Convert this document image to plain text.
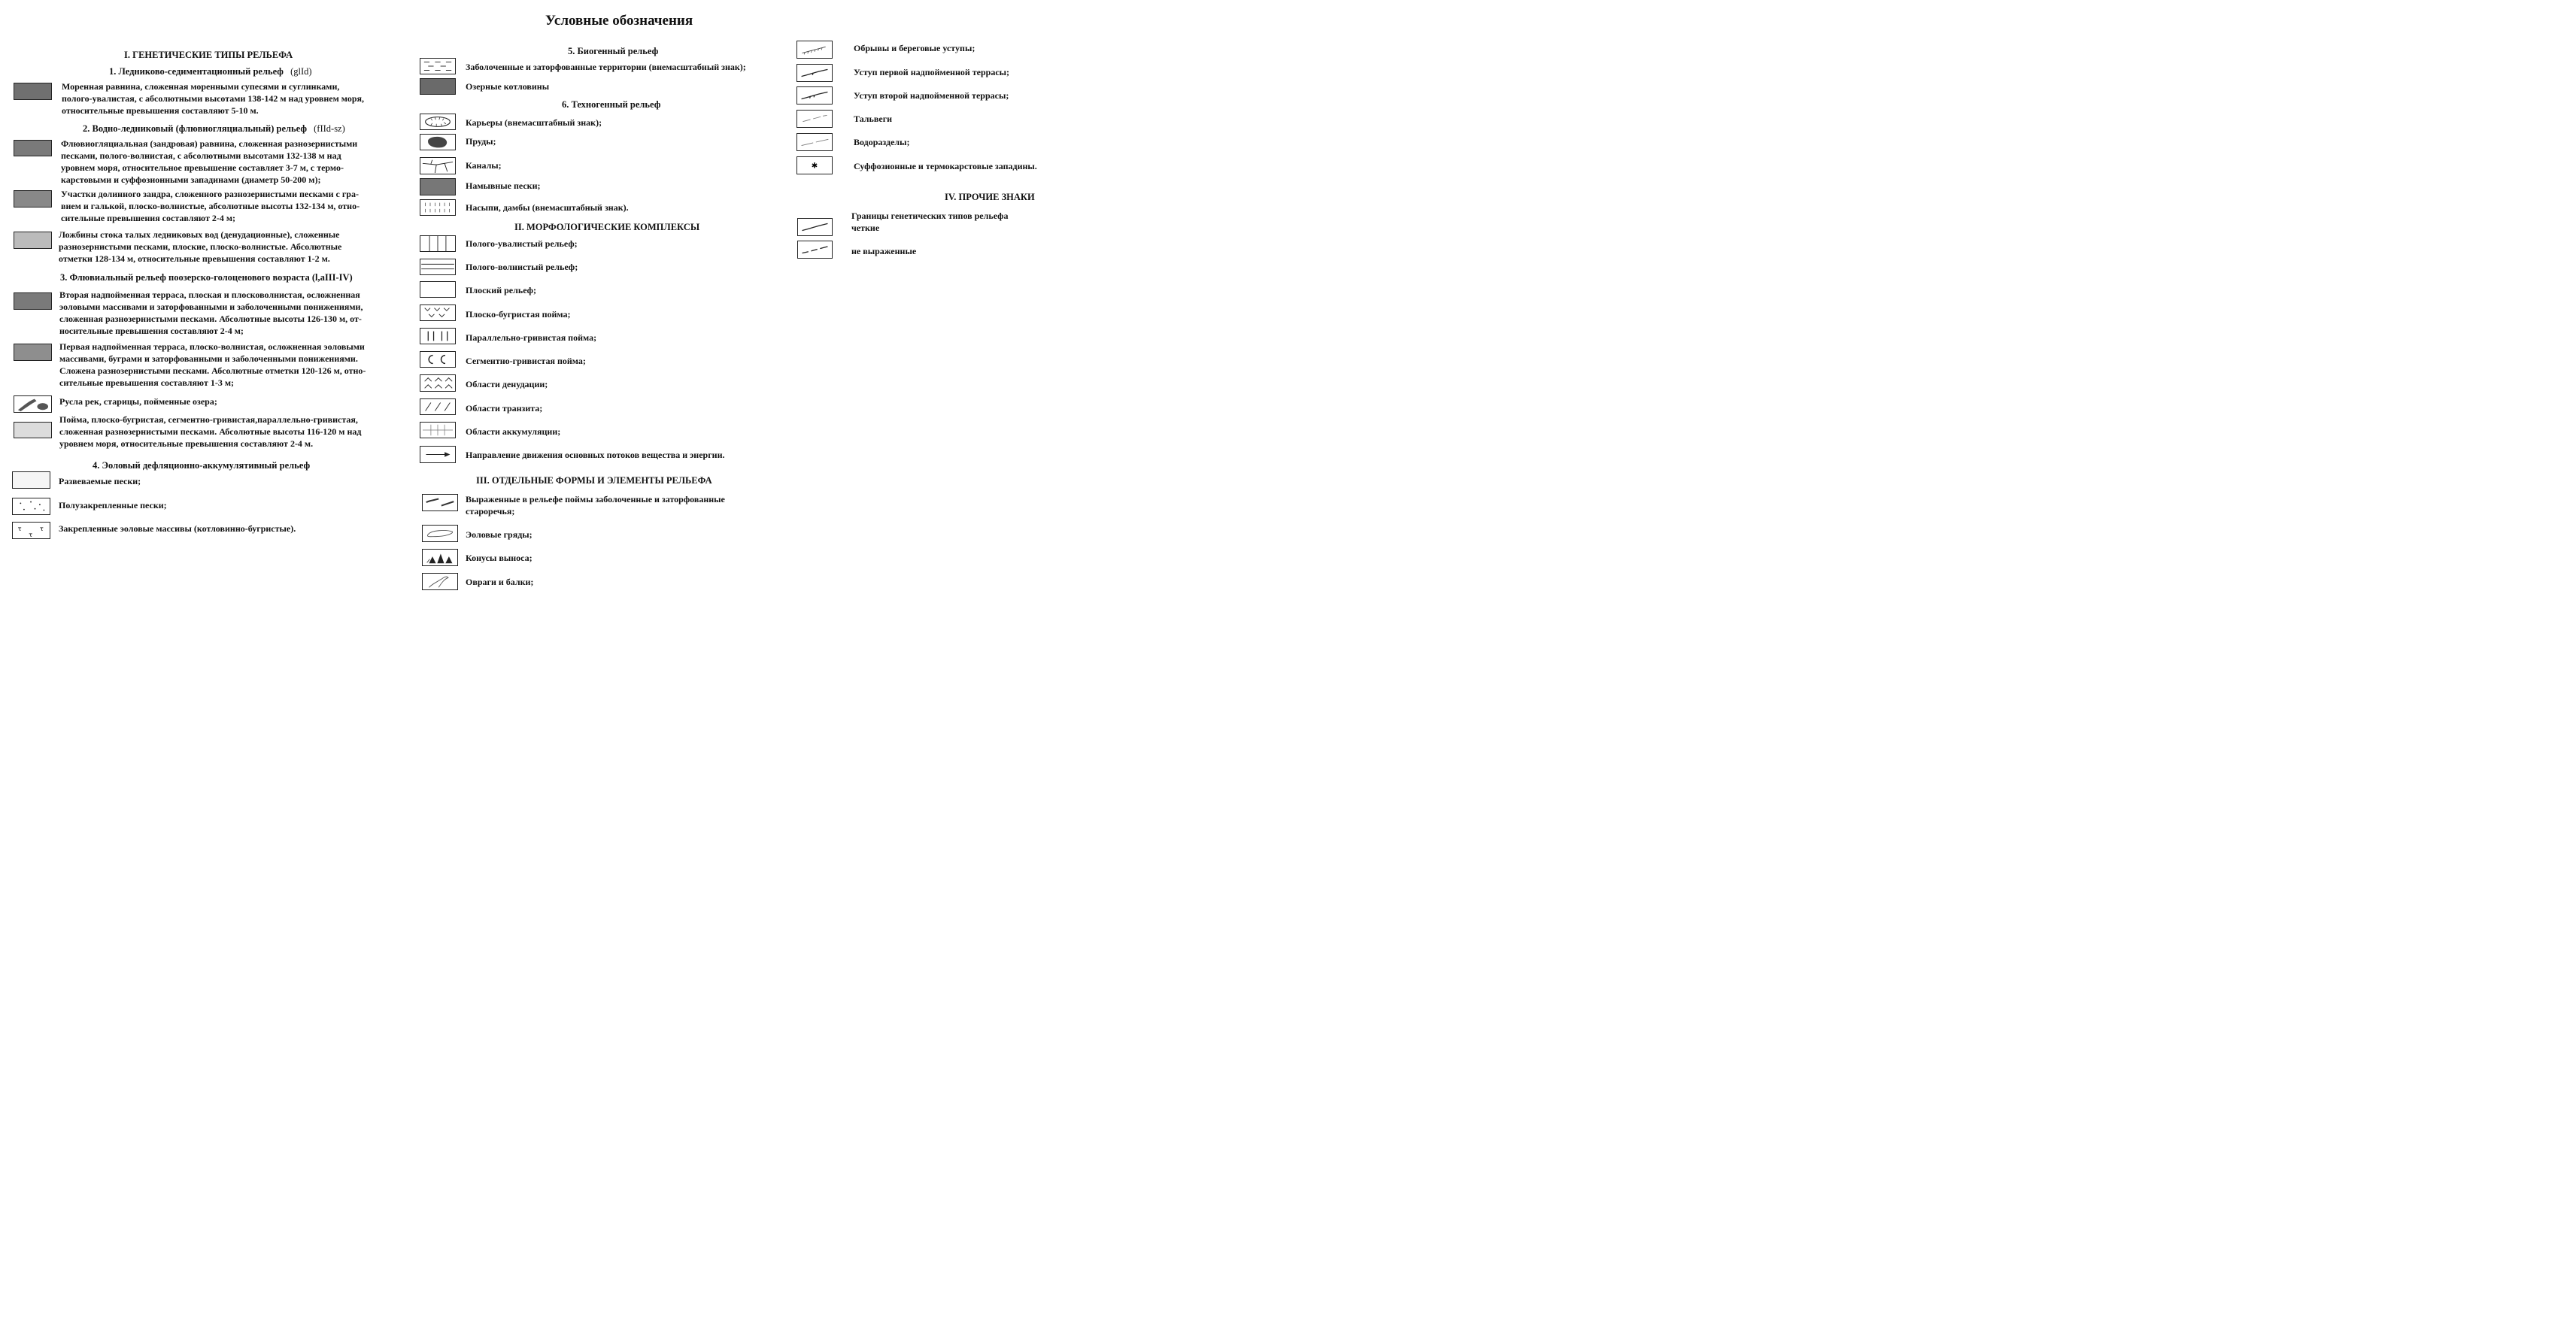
Условные обозначения
I. ГЕНЕТИЧЕСКИЕ ТИПЫ РЕЛЬЕФА
1. Ледниково-седиментационный рельеф (glId)
Моренная равнина, сложенная моренными супесями и суглинками,
полого-увалистая, с абсолютными высотами 138-142 м над уровнем моря,
относительные превышения составляют 5-10 м.
2. Водно-ледниковый (флювиогляциальный) рельеф (fIId-sz)
Флювиогляциальная (зандровая) равнина, сложенная разнозернистыми
песками, полого-волнистая, с абсолютными высотами 132-138 м над
уровнем моря, относительное превышение составляет 3-7 м, с термо-
карстовыми и суффозионными западинами (диаметр 50-200 м);
Участки долинного зандра, сложенного разнозернистыми песками с гра-
вием и галькой, плоско-волнистые, абсолютные высоты 132-134 м, отно-
сительные превышения составляют 2-4 м;
Ложбины стока талых ледниковых вод (денудационные), сложенные
разнозернистыми песками, плоские, плоско-волнистые. Абсолютные
отметки 128-134 м, относительные превышения составляют 1-2 м.
3. Флювиальный рельеф поозерско-голоценового возраста (l,aIII-IV)
Вторая надпойменная терраса, плоская и плосковолнистая, осложненная
эоловыми массивами и заторфованными и заболоченными понижениями,
сложенная разнозернистыми песками. Абсолютные высоты 126-130 м, от-
носительные превышения составляют 2-4 м;
Первая надпойменная терраса, плоско-волнистая, осложненная эоловыми
массивами, буграми и заторфованными и заболоченными понижениями.
Сложена разнозернистыми песками. Абсолютные отметки 120-126 м, отно-
сительные превышения составляют 1-3 м;
Русла рек, старицы, пойменные озера;
Пойма, плоско-бугристая, сегментно-гривистая,параллельно-гривистая,
сложенная разнозернистыми песками. Абсолютные высоты 116-120 м над
уровнем моря, относительные превышения составляют 2-4 м.
4. Эоловый дефляционно-аккумулятивный рельеф
Развеваемые пески;
Полузакрепленные пески;
τ	τ
τ
Закрепленные эоловые массивы (котловинно-бугристые).
5. Биогенный рельеф
Заболоченные и заторфованные территории (внемасштабный знак);
Озерные котловины
6. Техногенный рельеф
Карьеры (внемасштабный знак);
Пруды;
Каналы;
Намывные пески;
Насыпи, дамбы (внемасштабный знак).
II. МОРФОЛОГИЧЕСКИЕ КОМПЛЕКСЫ
Полого-увалистый рельеф;
Полого-волнистый рельеф;
Плоский рельеф;
Плоско-бугристая пойма;
Параллельно-гривистая пойма;
Сегментно-гривистая пойма;
Области денудации;
Области транзита;
Области аккумуляции;
Направление движения основных потоков вещества и энергии.
III. ОТДЕЛЬНЫЕ ФОРМЫ И ЭЛЕМЕНТЫ РЕЛЬЕФА
Выраженные в рельефе поймы заболоченные и заторфованные
староречья;
Эоловые гряды;
Конусы выноса;
Овраги и балки;
Обрывы и береговые уступы;
Уступ первой надпойменной террасы;
Уступ второй надпойменной террасы;
Тальвеги
Водоразделы;
✱	Суффозионные и термокарстовые западины.
IV. ПРОЧИЕ ЗНАКИ
Границы генетических типов рельефа
четкие
не выраженные
